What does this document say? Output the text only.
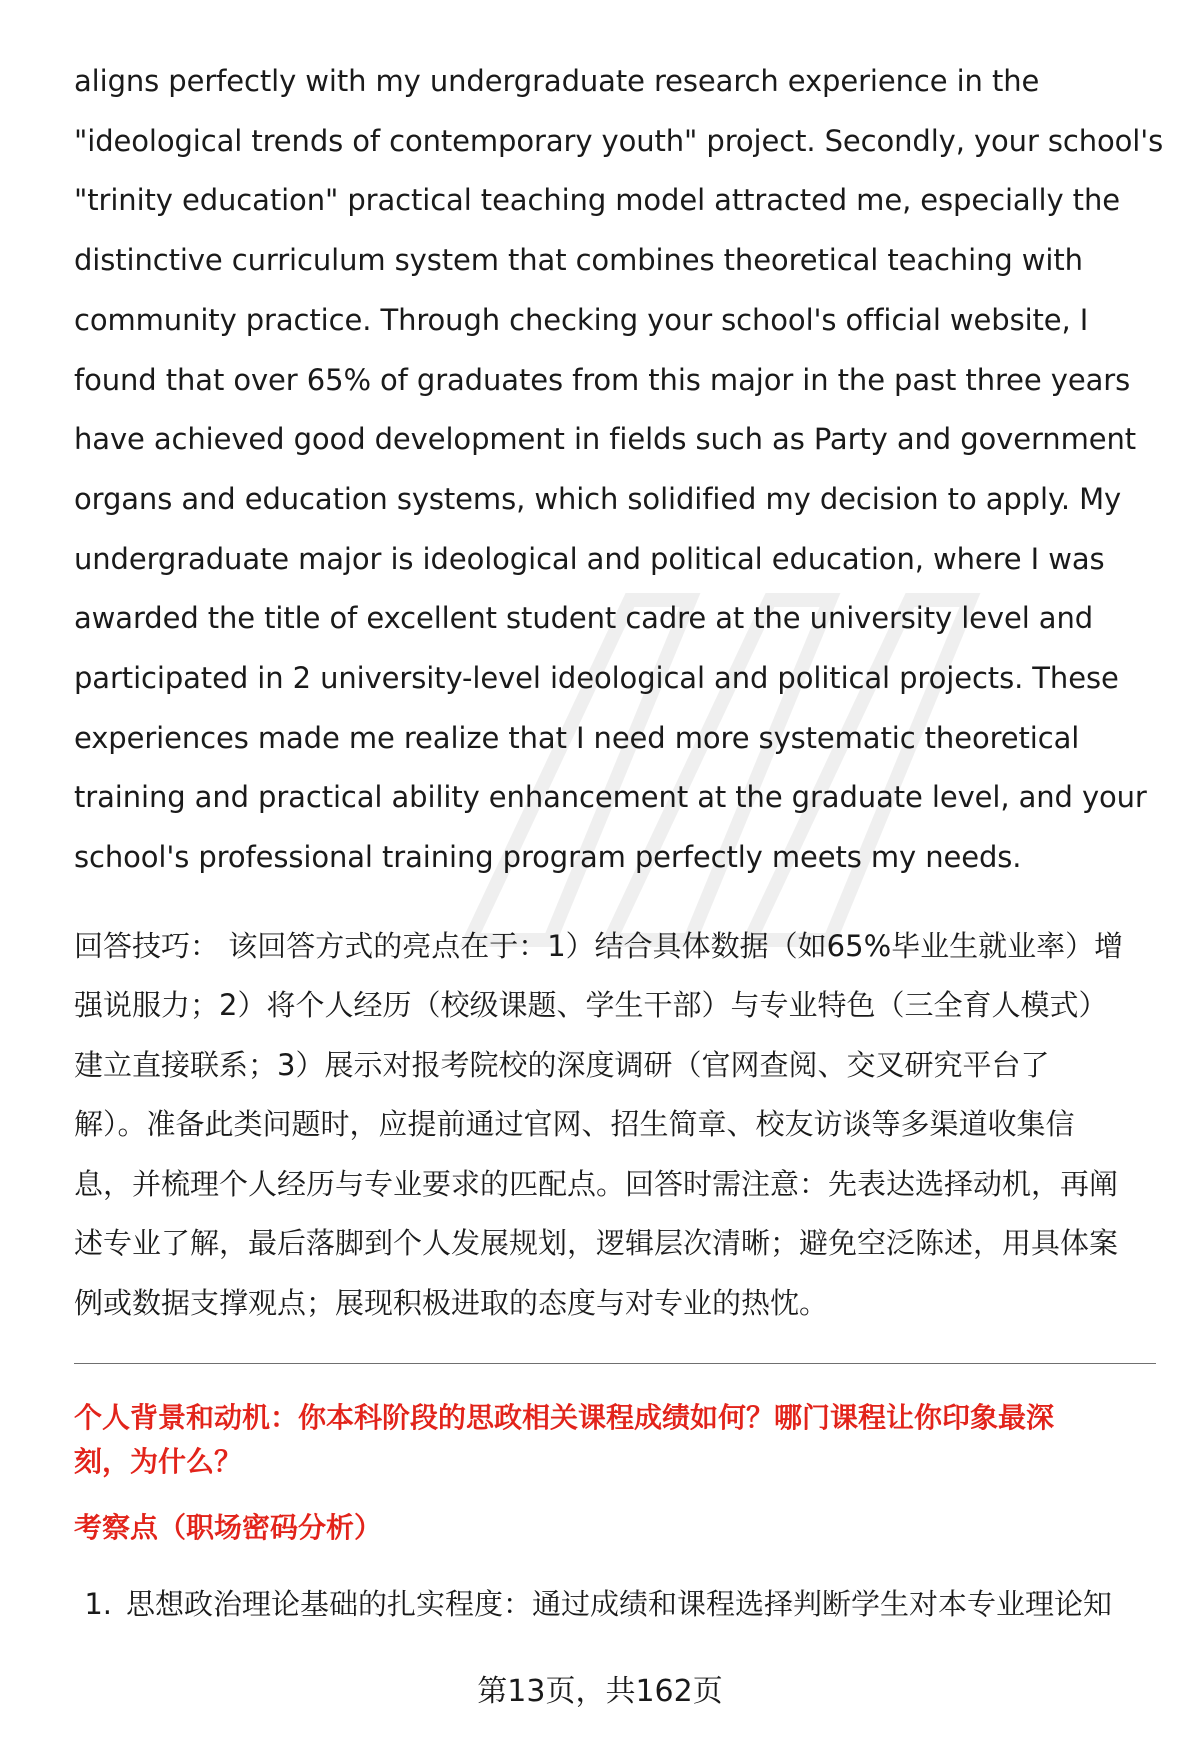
aligns perfectly with my undergraduate research experience in the
"ideological trends of contemporary youth" project. Secondly, your school's
"trinity education" practical teaching model attracted me, especially the
distinctive curriculum system that combines theoretical teaching with
community practice. Through checking your school's official website, I
found that over 65% of graduates from this major in the past three years
have achieved good development in fields such as Party and government
organs and education systems, which solidified my decision to apply. My
undergraduate major is ideological and political education, where I was
awarded the title of excellent student cadre at the university level and
participated in 2 university-level ideological and political projects. These
experiences made me realize that I need more systematic theoretical
training and practical ability enhancement at the graduate level, and your
school's professional training program perfectly meets my needs.
回答技巧： 该回答方式的亮点在于：1）结合具体数据（如65%毕业生就业率）增
强说服力；2）将个人经历（校级课题、学生干部）与专业特色（三全育人模式）
建立直接联系；3）展示对报考院校的深度调研（官网查阅、交叉研究平台了
解）。准备此类问题时，应提前通过官网、招生简章、校友访谈等多渠道收集信
息，并梳理个人经历与专业要求的匹配点。回答时需注意：先表达选择动机，再阐
述专业了解，最后落脚到个人发展规划，逻辑层次清晰；避免空泛陈述，用具体案
例或数据支撑观点；展现积极进取的态度与对专业的热忱。
个人背景和动机：你本科阶段的思政相关课程成绩如何？哪门课程让你印象最深
刻，为什么？
考察点（职场密码分析）
1. 思想政治理论基础的扎实程度：通过成绩和课程选择判断学生对本专业理论知
第13页，共162页
